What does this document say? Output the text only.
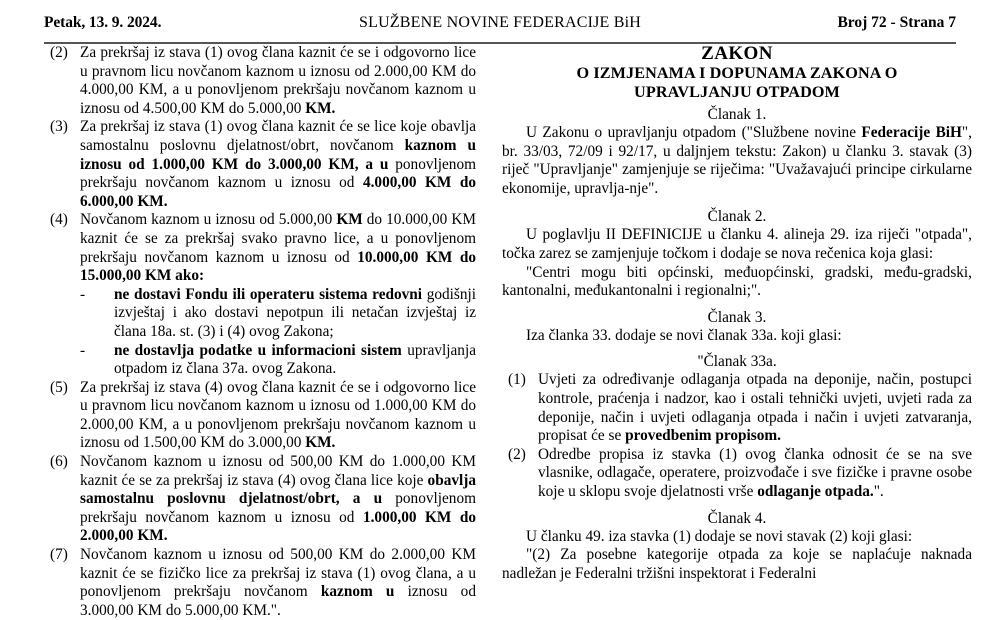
Petak, 13. 9. 2024.	SLUŽBENE NOVINE FEDERACIJE BiH	Broj 72 - Strana 7
(2) Za prekršaj iz stava (1) ovog člana kaznit će se i odgovorno lice u pravnom licu novčanom kaznom u iznosu od 2.000,00 KM do 4.000,00 KM, a u ponovljenom prekršaju novčanom kaznom u iznosu od 4.500,00 KM do 5.000,00 KM.
(3) Za prekršaj iz stava (1) ovog člana kaznit će se lice koje obavlja samostalnu poslovnu djelatnost/obrt, novčanom kaznom u iznosu od 1.000,00 KM do 3.000,00 KM, a u ponovljenom prekršaju novčanom kaznom u iznosu od 4.000,00 KM do 6.000,00 KM.
(4) Novčanom kaznom u iznosu od 5.000,00 KM do 10.000,00 KM kaznit će se za prekršaj svako pravno lice, a u ponovljenom prekršaju novčanom kaznom u iznosu od 10.000,00 KM do 15.000,00 KM ako:
-	ne dostavi Fondu ili operateru sistema redovni godišnji izvještaj i ako dostavi nepotpun ili netačan izvještaj iz člana 18a. st. (3) i (4) ovog Zakona;
-	ne dostavlja podatke u informacioni sistem upravljanja otpadom iz člana 37a. ovog Zakona.
(5) Za prekršaj iz stava (4) ovog člana kaznit će se i odgovorno lice u pravnom licu novčanom kaznom u iznosu od 1.000,00 KM do 2.000,00 KM, a u ponovljenom prekršaju novčanom kaznom u iznosu od 1.500,00 KM do 3.000,00 KM.
(6) Novčanom kaznom u iznosu od 500,00 KM do 1.000,00 KM kaznit će se za prekršaj iz stava (4) ovog člana lice koje obavlja samostalnu poslovnu djelatnost/obrt, a u ponovljenom prekršaju novčanom kaznom u iznosu od 1.000,00 KM do 2.000,00 KM.
(7) Novčanom kaznom u iznosu od 500,00 KM do 2.000,00 KM kaznit će se fizičko lice za prekršaj iz stava (1) ovog člana, a u ponovljenom prekršaju novčanom kaznom u iznosu od 3.000,00 KM do 5.000,00 KM.".
ZAKON
O IZMJENAMA I DOPUNAMA ZAKONA O
UPRAVLJANJU OTPADOM
Članak 1.
U Zakonu o upravljanju otpadom ("Službene novine Federacije BiH", br. 33/03, 72/09 i 92/17, u daljnjem tekstu: Zakon) u članku 3. stavak (3) riječ "Upravljanje" zamjenjuje se riječima: "Uvažavajući principe cirkularne ekonomije, upravlja-nje".
Članak 2.
U poglavlju II DEFINICIJE u članku 4. alineja 29. iza riječi "otpada", točka zarez se zamjenjuje točkom i dodaje se nova rečenica koja glasi:
"Centri mogu biti općinski, međuopćinski, gradski, među-gradski, kantonalni, međukantonalni i regionalni;".
Članak 3.
Iza članka 33. dodaje se novi članak 33a. koji glasi:
"Članak 33a.
(1) Uvjeti za određivanje odlaganja otpada na deponije, način, postupci kontrole, praćenja i nadzor, kao i ostali tehnički uvjeti, uvjeti rada za deponije, način i uvjeti odlaganja otpada i način i uvjeti zatvaranja, propisat će se provedbenim propisom.
(2) Odredbe propisa iz stavka (1) ovog članka odnosit će se na sve vlasnike, odlagače, operatere, proizvođače i sve fizičke i pravne osobe koje u sklopu svoje djelatnosti vrše odlaganje otpada.".
Članak 4.
U članku 49. iza stavka (1) dodaje se novi stavak (2) koji glasi:
"(2) Za posebne kategorije otpada za koje se naplaćuje naknada nadležan je Federalni tržišni inspektorat i Federalni
